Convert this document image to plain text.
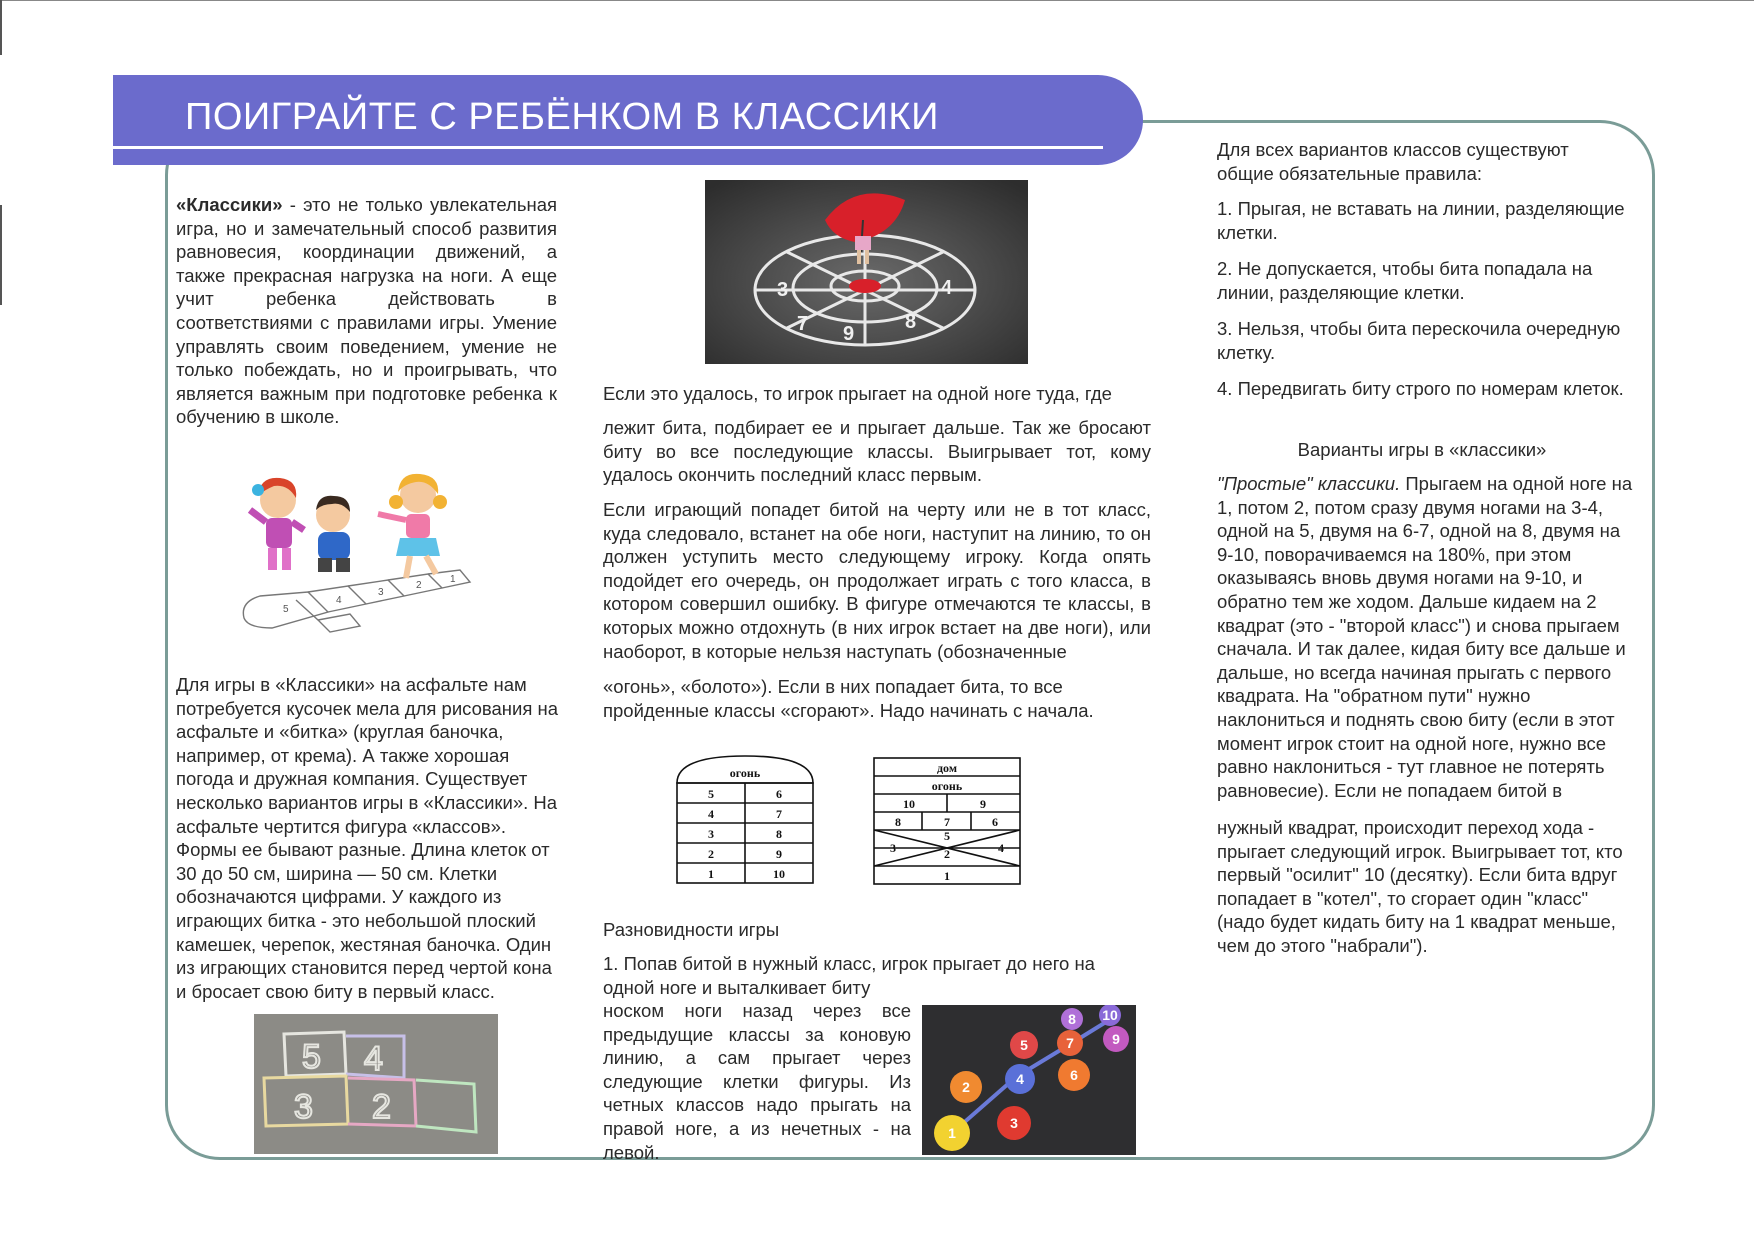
ПОИГРАЙТЕ С РЕБЁНКОМ В КЛАССИКИ

«Классики» - это не только увлекательная игра, но и замечательный способ развития равновесия, координации движений, а также прекрасная нагрузка на ноги. А еще учит ребенка действовать в соответствиями с правилами игры. Умение управлять своим поведением, умение не только побеждать, но и проигрывать, что является важным при подготовке ребенка к обучению в школе.

5
4
3
2
1
Для игры в «Классики» на асфальте нам потребуется кусочек мела для рисования на асфальте и «битка» (круглая баночка, например, от крема). А также хорошая погода и дружная компания. Существует несколько вариантов игры в «Классики». На асфальте чертится фигура «классов». Формы ее бывают разные. Длина клеток от 30 до 50 см, ширина — 50 см. Клетки обозначаются цифрами. У каждого из играющих битка - это небольшой плоский камешек, черепок, жестяная баночка. Один из играющих становится перед чертой кона и бросает свою биту в первый класс.
5 4
3 2
9
8
7
4
3
Если это удалось, то игрок прыгает на одной ноге туда, где
лежит бита, подбирает ее и прыгает дальше. Так же бросают биту во все последующие классы. Выигрывает тот, кому удалось окончить последний класс первым.
Если играющий попадет битой на черту или не в тот класс, куда следовало, встанет на обе ноги, наступит на линию, то он должен уступить место следующему игроку. Когда опять подойдет его очередь, он продолжает играть с того класса, в котором совершил ошибку. В фигуре отмечаются те классы, в которых можно отдохнуть (в них игрок встает на две ноги), или наоборот, в которые нельзя наступать (обозначенные
«огонь», «болото»). Если в них попадает бита, то все пройденные классы «сгорают». Надо начинать с начала.
огонь
5	6
4	7
3	8
2	9
1	10
дом
огонь
10	9
8	7	6
5
3	2	4
1
Разновидности игры
1. Попав битой в нужный класс, игрок прыгает до него на одной ноге и выталкивает биту
носком ноги назад через все предыдущие классы за коновую линию, а сам прыгает через следующие клетки фигуры. Из четных классов надо прыгать на правой ноге, а из нечетных - на левой.
1
2
3
4
5
6
7
8
9
10
Для всех вариантов классов существуют общие обязательные правила:
1. Прыгая, не вставать на линии, разделяющие клетки.
2. Не допускается, чтобы бита попадала на линии, разделяющие клетки.
3. Нельзя, чтобы бита перескочила очередную клетку.
4. Передвигать биту строго по номерам клеток.
Варианты игры в «классики»

"Простые" классики. Прыгаем на одной ноге на 1, потом 2, потом сразу двумя ногами на 3-4, одной на 5, двумя на 6-7, одной на 8, двумя на 9-10, поворачиваемся на 180%, при этом оказываясь вновь двумя ногами на 9-10, и обратно тем же ходом. Дальше кидаем на 2 квадрат (это - "второй класс") и снова прыгаем сначала. И так далее, кидая биту все дальше и дальше, но всегда начиная прыгать с первого квадрата. На "обратном пути" нужно наклониться и поднять свою биту (если в этот момент игрок стоит на одной ноге, нужно все равно наклониться - тут главное не потерять равновесие). Если не попадаем битой в

нужный квадрат, происходит переход хода - прыгает следующий игрок. Выигрывает тот, кто первый "осилит" 10 (десятку). Если бита вдруг попадает в "котел", то сгорает один "класс" (надо будет кидать биту на 1 квадрат меньше, чем до этого "набрали").
